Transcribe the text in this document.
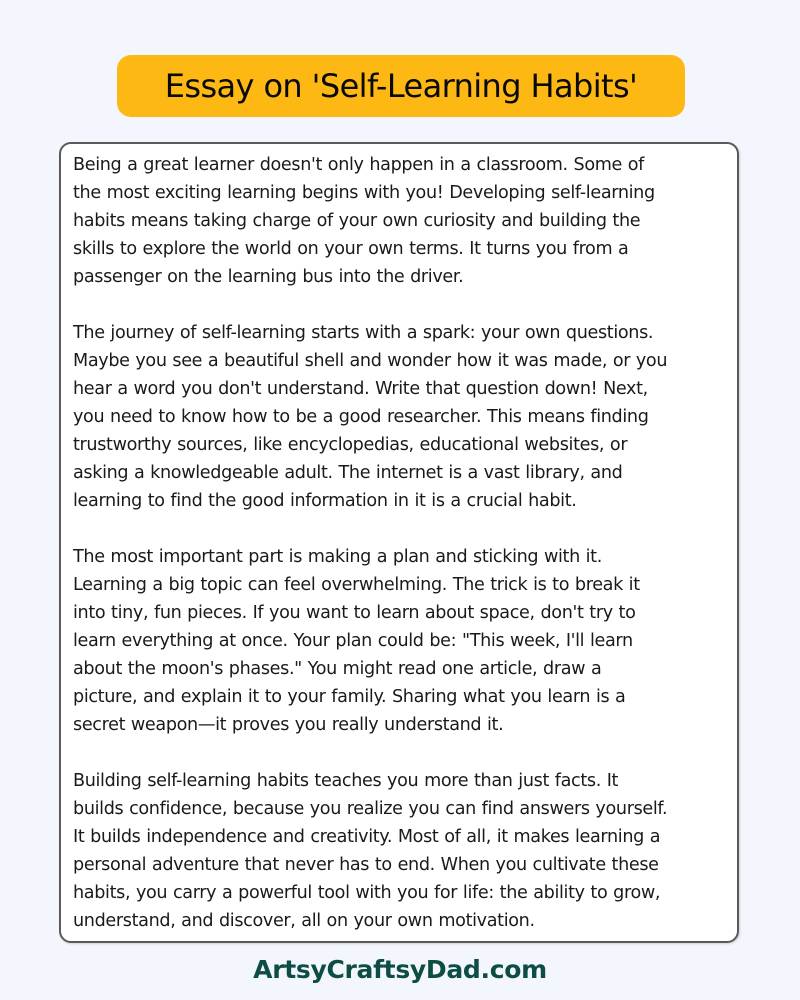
Essay on 'Self-Learning Habits'

Being a great learner doesn't only happen in a classroom. Some of
the most exciting learning begins with you! Developing self-learning
habits means taking charge of your own curiosity and building the
skills to explore the world on your own terms. It turns you from a
passenger on the learning bus into the driver.

The journey of self-learning starts with a spark: your own questions.
Maybe you see a beautiful shell and wonder how it was made, or you
hear a word you don't understand. Write that question down! Next,
you need to know how to be a good researcher. This means finding
trustworthy sources, like encyclopedias, educational websites, or
asking a knowledgeable adult. The internet is a vast library, and
learning to find the good information in it is a crucial habit.

The most important part is making a plan and sticking with it.
Learning a big topic can feel overwhelming. The trick is to break it
into tiny, fun pieces. If you want to learn about space, don't try to
learn everything at once. Your plan could be: "This week, I'll learn
about the moon's phases." You might read one article, draw a
picture, and explain it to your family. Sharing what you learn is a
secret weapon—it proves you really understand it.

Building self-learning habits teaches you more than just facts. It
builds confidence, because you realize you can find answers yourself.
It builds independence and creativity. Most of all, it makes learning a
personal adventure that never has to end. When you cultivate these
habits, you carry a powerful tool with you for life: the ability to grow,
understand, and discover, all on your own motivation.

ArtsyCraftsyDad.com
